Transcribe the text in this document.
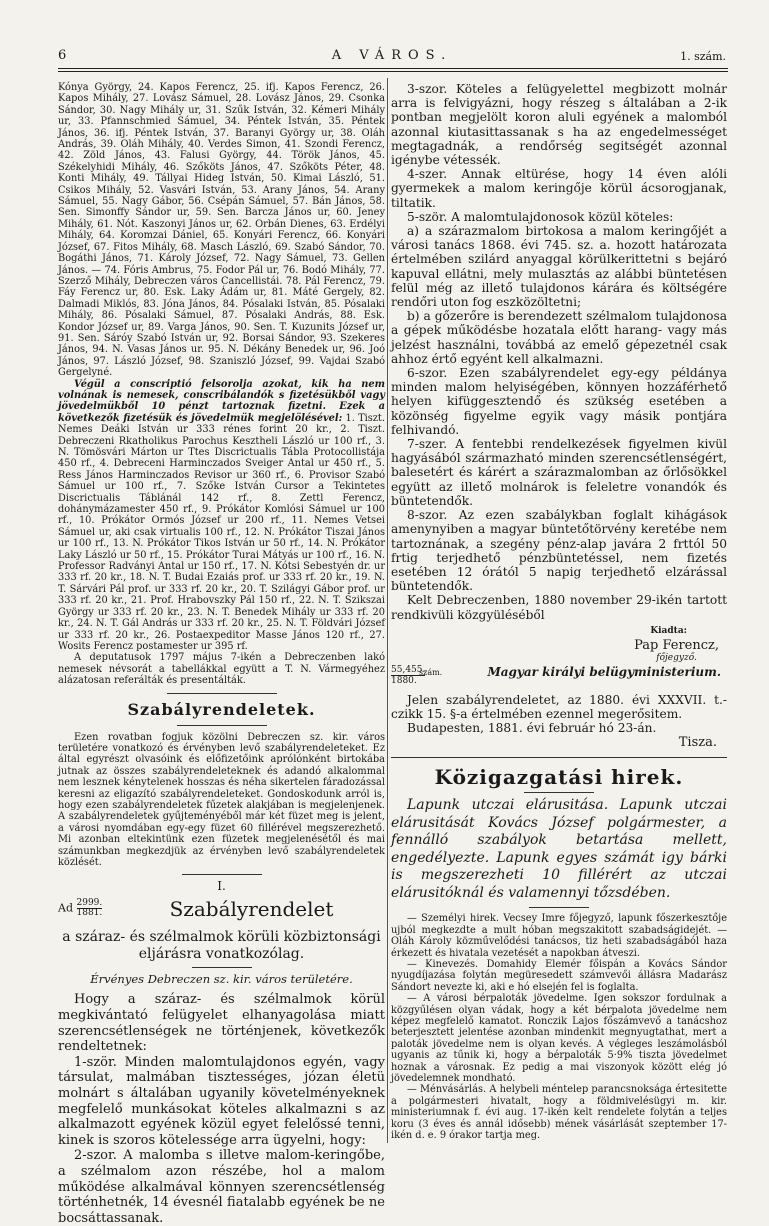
6	A VÁROS.	1. szám.

Kónya György, 24. Kapos Ferencz, 25. ifj. Kapos Ferencz, 26. Kapos Mihály, 27. Lovász Sámuel, 28. Lovász János, 29. Csonka Sándor, 30. Nagy Mihály ur, 31. Szűk István, 32. Kémeri Mihály ur, 33. Pfannschmied Sámuel, 34. Péntek István, 35. Péntek János, 36. ifj. Péntek István, 37. Baranyi György ur, 38. Oláh András, 39. Oláh Mihály, 40. Verdes Simon, 41. Szondi Ferencz, 42. Zöld János, 43. Falusi György, 44. Török János, 45. Székelyhidi Mihály, 46. Szőköts János, 47. Szőköts Péter, 48. Konti Mihály, 49. Tállyai Hideg István, 50. Kimai László, 51. Csikos Mihály, 52. Vasvári István, 53. Arany János, 54. Arany Sámuel, 55. Nagy Gábor, 56. Csépán Sámuel, 57. Bán János, 58. Sen. Simonffy Sándor ur, 59. Sen. Barcza János ur, 60. Jeney Mihály, 61. Nót. Kaszonyi János ur, 62. Orbán Dienes, 63. Erdélyi Mihály, 64. Koromzai Dániel, 65. Konyári Ferencz, 66. Konyári József, 67. Fitos Mihály, 68. Masch László, 69. Szabó Sándor, 70. Bogáthi János, 71. Károly József, 72. Nagy Sámuel, 73. Gellen János. — 74. Fóris Ambrus, 75. Fodor Pál ur, 76. Bodó Mihály, 77. Szerző Mihály, Debreczen város Cancellistái. 78. Pál Ferencz, 79. Fáy Ferencz ur, 80. Esk. Laky Ádám ur, 81. Máté Gergely, 82. Dalmadi Miklós, 83. Jóna János, 84. Pósalaki István, 85. Pósalaki Mihály, 86. Pósalaki Sámuel, 87. Pósalaki András, 88. Esk. Kondor József ur, 89. Varga János, 90. Sen. T. Kuzunits József ur, 91. Sen. Sáróy Szabó István ur, 92. Borsai Sándor, 93. Szekeres János, 94. N. Vasas János ur. 95. N. Dékány Benedek ur, 96. Joó János, 97. László József, 98. Szaniszló József, 99. Vajdai Szabó Gergelyné.

Végül a conscriptió felsorolja azokat, kik ha nem volnának is nemesek, conscribálandók s fizetésükből vagy jövedelmükből 10 pénzt tartoznak fizetni. Ezek a következők fizetésük és jövedelmük megjelölésével: 1. Tiszt. Nemes Deáki István ur 333 rénes forint 20 kr., 2. Tiszt. Debreczeni Rkatholikus Parochus Kesztheli László ur 100 rf., 3. N. Tömösvári Márton ur Ttes Discrictualis Tábla Protocollistája 450 rf., 4. Debreceni Harminczados Sveiger Antal ur 450 rf., 5. Ress János Harminczados Revisor ur 360 rf., 6. Provisor Szabó Sámuel ur 100 rf., 7. Szőke István Cursor a Tekintetes Discrictualis Táblánál 142 rf., 8. Zettl Ferencz, dohánymázamester 450 rf., 9. Prókátor Komlósi Sámuel ur 100 rf., 10. Prókátor Ormós József ur 200 rf., 11. Nemes Vetsei Sámuel ur, aki csak virtualis 100 rf., 12. N. Prókátor Tiszai János ur 100 rf., 13. N. Prókátor Tikos István ur 50 rf., 14. N. Prókátor Laky László ur 50 rf., 15. Prókátor Turai Mátyás ur 100 rf., 16. N. Professor Radványi Antal ur 150 rf., 17. N. Kótsi Sebestyén dr. ur 333 rf. 20 kr., 18. N. T. Budai Ezaiás prof. ur 333 rf. 20 kr., 19. N. T. Sárvári Pál prof. ur 333 rf. 20 kr., 20. T. Szilágyi Gábor prof. ur 333 rf. 20 kr., 21. Prof. Hrabovszky Pál 150 rf., 22. N. T. Szikszai György ur 333 rf. 20 kr., 23. N. T. Benedek Mihály ur 333 rf. 20 kr., 24. N. T. Gál András ur 333 rf. 20 kr., 25. N. T. Földvári József ur 333 rf. 20 kr., 26. Postaexpeditor Masse János 120 rf., 27. Wosits Ferencz postamester ur 395 rf.

A deputatusok 1797 május 7-ikén a Debreczenben lakó nemesek névsorát a tabellákkal együtt a T. N. Vármegyéhez alázatosan referálták és presentálták.

Szabályrendeletek.

Ezen rovatban fogjuk közölni Debreczen sz. kir. város területére vonatkozó és érvényben levő szabályrendeleteket. Ez által egyrészt olvasóink és előfizetőink aprólónként birtokába jutnak az összes szabályrendeleteknek és adandó alkalommal nem lesznek kénytelenek hosszas és néha sikertelen fáradozással keresni az eligazító szabályrendeleteket. Gondoskodunk arról is, hogy ezen szabályrendeletek fűzetek alakjában is megjelenjenek. A szabályrendeletek gyűjteményéből már két füzet meg is jelent, a városi nyomdában egy-egy füzet 60 fillérével megszerezhető. Mi azonban eltekintünk ezen füzetek megjelenésétől és mai számunkban megkezdjük az érvényben levő szabályrendeletek közlését.

I.

Ad $\frac{2999.}{1881.}$	Szabályrendelet

a száraz- és szélmalmok körüli közbiztonsági eljárásra vonatkozólag.

Érvényes Debreczen sz. kir. város területére.

Hogy a száraz- és szélmalmok körül megkivántató felügyelet elhanyagolása miatt szerencsétlenségek ne történjenek, következők rendeltetnek:

1-ször. Minden malomtulajdonos egyén, vagy társulat, malmában tisztességes, józan életü molnárt s általában ugyanily követelményeknek megfelelő munkásokat köteles alkalmazni s az alkalmazott egyének közül egyet felelőssé tenni, kinek is szoros kötelessége arra ügyelni, hogy:

2-szor. A malomba s illetve malom-keringőbe, a szélmalom azon részébe, hol a malom működése alkalmával könnyen szerencsétlenség történhetnék, 14 évesnél fiatalabb egyének be ne bocsáttassanak.

3-szor. Köteles a felügyelettel megbizott molnár arra is felvigyázni, hogy részeg s általában a 2-ik pontban megjelölt koron aluli egyének a malomból azonnal kiutasittassanak s ha az engedelmességet megtagadnák, a rendőrség segitségét azonnal igénybe vétessék.

4-szer. Annak eltürése, hogy 14 éven alóli gyermekek a malom keringője körül ácsorogjanak, tiltatik.

5-ször. A malomtulajdonosok közül köteles:

a) a szárazmalom birtokosa a malom keringőjét a városi tanács 1868. évi 745. sz. a. hozott határozata értelmében szilárd anyaggal körülkerittetni s bejáró kapuval ellátni, mely mulasztás az alábbi büntetésen felül még az illető tulajdonos kárára és költségére rendőri uton fog eszközöltetni;

b) a gőzerőre is berendezett szélmalom tulajdonosa a gépek működésbe hozatala előtt harang- vagy más jelzést használni, továbbá az emelő gépezetnél csak ahhoz értő egyént kell alkalmazni.

6-szor. Ezen szabályrendelet egy-egy példánya minden malom helyiségében, könnyen hozzáférhető helyen kifüggesztendő és szükség esetében a közönség figyelme egyik vagy másik pontjára felhivandó.

7-szer. A fentebbi rendelkezések figyelmen kivül hagyásából származható minden szerencsétlenségért, balesetért és kárért a szárazmalomban az őrlősökkel együtt az illető molnárok is feleletre vonandók és büntetendők.

8-szor. Az ezen szabálykban foglalt kihágások amenynyiben a magyar büntetőtörvény keretébe nem tartoznának, a szegény pénz-alap javára 2 frttól 50 frtig terjedhető pénzbüntetéssel, nem fizetés esetében 12 órától 5 napig terjedhető elzárással büntetendők.

Kelt Debreczenben, 1880 november 29-ikén tartott rendkivüli közgyüléséből

Kiadta:

Pap Ferencz,

főjegyző.

55,455.
1880.
szám.	Magyar királyi belügyministerium.

Jelen szabályrendeletet, az 1880. évi XXXVII. t.-czikk 15. §-a értelmében ezennel megerősitem.

Budapesten, 1881. évi február hó 23-án.

Tisza.

Közigazgatási hirek.

Lapunk utczai elárusitása. Lapunk utczai elárusitását Kovács József polgármester, a fennálló szabályok betartása mellett, engedélyezte. Lapunk egyes számát igy bárki is megszerezheti 10 fillérért az utczai elárusitóknál és valamennyi tőzsdében.

— Személyi hirek. Vecsey Imre főjegyző, lapunk főszerkesztője ujból megkezdte a mult hóban megszakitott szabadságidejét. — Oláh Károly közművelődési tanácsos, tiz heti szabadságából haza érkezett és hivatala vezetését a napokban átveszi.

— Kinevezés. Domahidy Elemér főispán a Kovács Sándor nyugdíjazása folytán megüresedett számvevői állásra Madarász Sándort nevezte ki, aki e hó elsején fel is foglalta.

— A városi bérpaloták jövedelme. Igen sokszor fordulnak a közgyűlésen olyan vádak, hogy a két bérpalota jövedelme nem képez megfelelő kamatot. Ronczik Lajos főszámvevő a tanácshoz beterjesztett jelentése azonban mindenkit megnyugtathat, mert a paloták jövedelme nem is olyan kevés. A végleges leszámolásból ugyanis az tűnik ki, hogy a bérpaloták 5·9% tiszta jövedelmet hoznak a városnak. Ez pedig a mai viszonyok között elég jó jövedelemnek mondható.

— Ménvásárlás. A helybeli méntelep parancsnoksága értesitette a polgármesteri hivatalt, hogy a földmivelésügyi m. kir. ministeriumnak f. évi aug. 17-ikén kelt rendelete folytán a teljes koru (3 éves és annál idősebb) mének vásárlását szeptember 17-ikén d. e. 9 órakor tartja meg.
